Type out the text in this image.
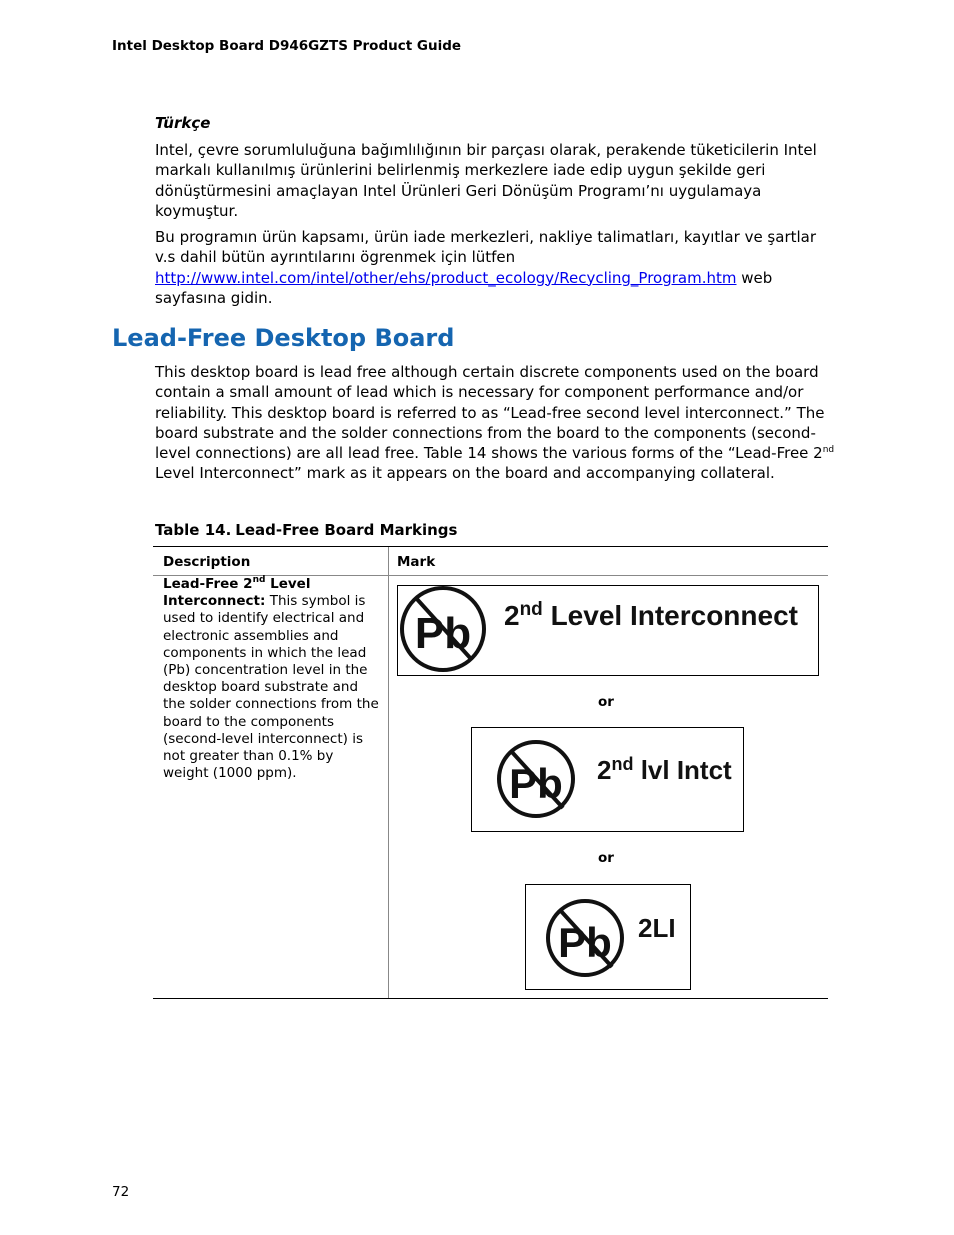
Intel Desktop Board D946GZTS Product Guide
Türkçe

Intel, çevre sorumluluğuna bağımlılığının bir parçası olarak, perakende tüketicilerin Intel markalı kullanılmış ürünlerini belirlenmiş merkezlere iade edip uygun şekilde geri dönüştürmesini amaçlayan Intel Ürünleri Geri Dönüşüm Programı’nı uygulamaya koymuştur.

Bu programın ürün kapsamı, ürün iade merkezleri, nakliye talimatları, kayıtlar ve şartlar v.s dahil bütün ayrıntılarını ögrenmek için lütfen http://www.intel.com/intel/other/ehs/product_ecology/Recycling_Program.htm web sayfasına gidin.

Lead-Free Desktop Board

This desktop board is lead free although certain discrete components used on the board contain a small amount of lead which is necessary for component performance and/or reliability. This desktop board is referred to as “Lead-free second level interconnect.” The board substrate and the solder connections from the board to the components (second-level connections) are all lead free. Table 14 shows the various forms of the “Lead-Free 2nd Level Interconnect” mark as it appears on the board and accompanying collateral.

Table 14. Lead-Free Board Markings
Description	Mark
Lead-Free 2nd Level Interconnect: This symbol is used to identify electrical and electronic assemblies and components in which the lead (Pb) concentration level in the desktop board substrate and the solder connections from the board to the components (second-level interconnect) is not greater than 0.1% by weight (1000 ppm).
Pb 2nd Level Interconnect
or
Pb 2nd lvl Intct
or
Pb 2LI
72
